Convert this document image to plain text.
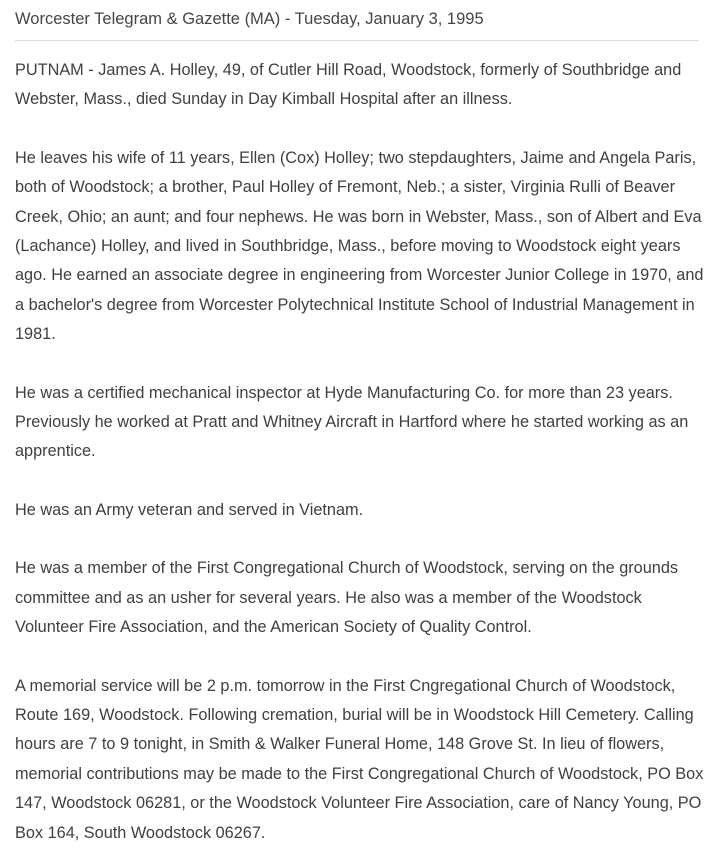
Worcester Telegram & Gazette (MA) - Tuesday, January 3, 1995

PUTNAM - James A. Holley, 49, of Cutler Hill Road, Woodstock, formerly of Southbridge and Webster, Mass., died Sunday in Day Kimball Hospital after an illness.

He leaves his wife of 11 years, Ellen (Cox) Holley; two stepdaughters, Jaime and Angela Paris, both of Woodstock; a brother, Paul Holley of Fremont, Neb.; a sister, Virginia Rulli of Beaver Creek, Ohio; an aunt; and four nephews. He was born in Webster, Mass., son of Albert and Eva (Lachance) Holley, and lived in Southbridge, Mass., before moving to Woodstock eight years ago. He earned an associate degree in engineering from Worcester Junior College in 1970, and a bachelor's degree from Worcester Polytechnical Institute School of Industrial Management in 1981.

He was a certified mechanical inspector at Hyde Manufacturing Co. for more than 23 years. Previously he worked at Pratt and Whitney Aircraft in Hartford where he started working as an apprentice.

He was an Army veteran and served in Vietnam.

He was a member of the First Congregational Church of Woodstock, serving on the grounds committee and as an usher for several years. He also was a member of the Woodstock Volunteer Fire Association, and the American Society of Quality Control.

A memorial service will be 2 p.m. tomorrow in the First Cngregational Church of Woodstock, Route 169, Woodstock. Following cremation, burial will be in Woodstock Hill Cemetery. Calling hours are 7 to 9 tonight, in Smith & Walker Funeral Home, 148 Grove St. In lieu of flowers, memorial contributions may be made to the First Congregational Church of Woodstock, PO Box 147, Woodstock 06281, or the Woodstock Volunteer Fire Association, care of Nancy Young, PO Box 164, South Woodstock 06267.
